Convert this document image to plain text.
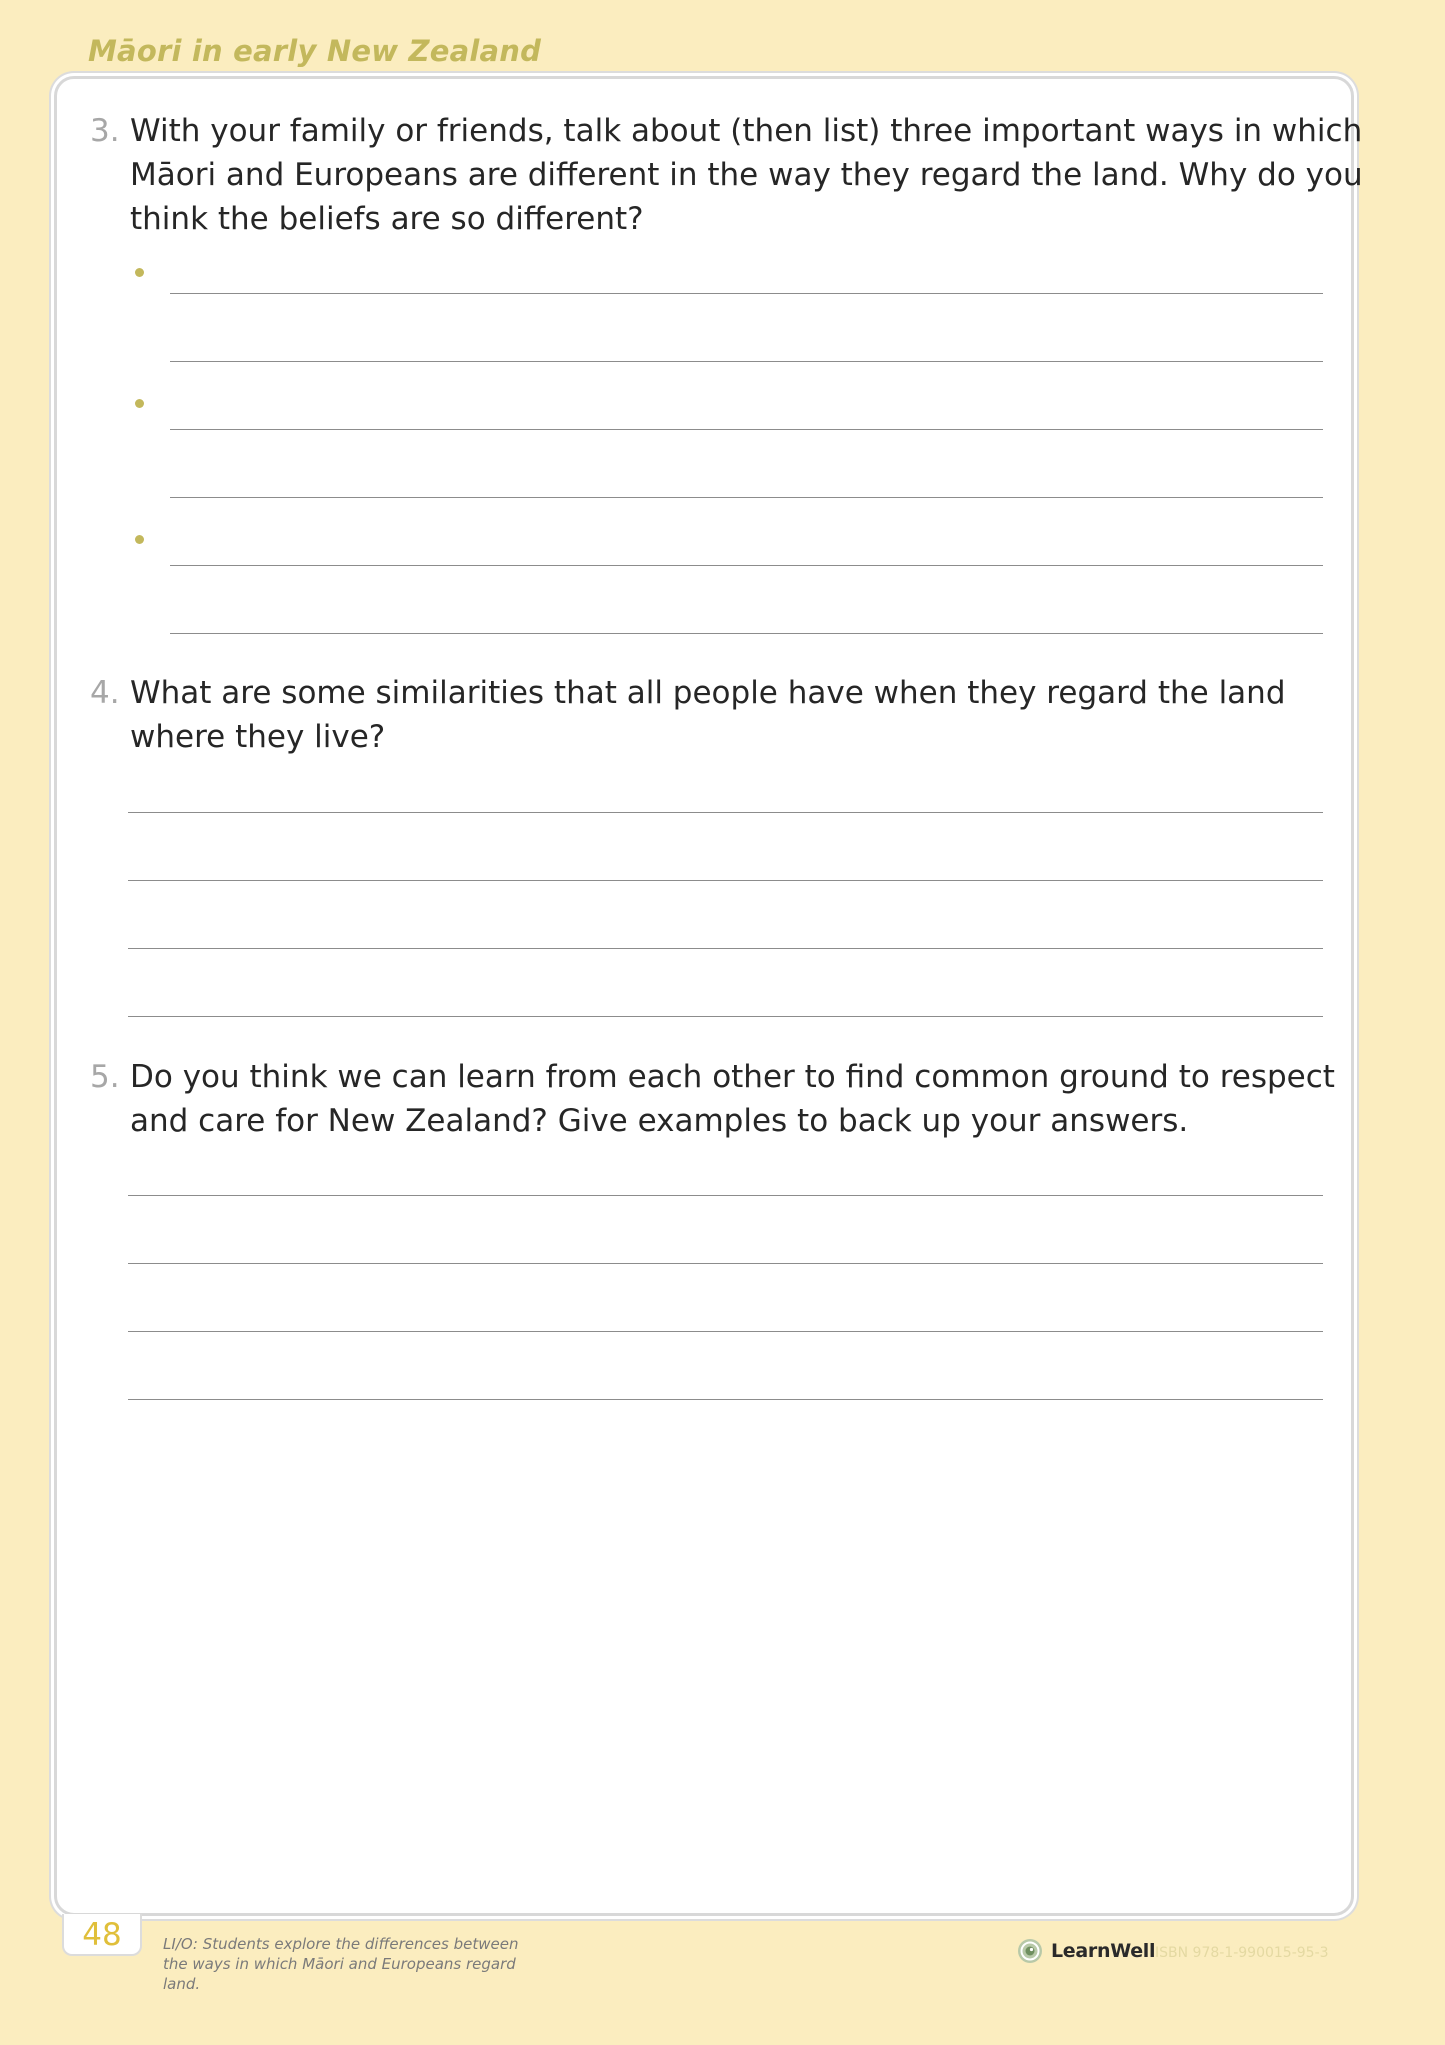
Māori in early New Zealand
3. With your family or friends, talk about (then list) three important ways in which
Māori and Europeans are different in the way they regard the land. Why do you
think the beliefs are so different?

4. What are some similarities that all people have when they regard the land
where they live?

5. Do you think we can learn from each other to find common ground to respect
and care for New Zealand? Give examples to back up your answers.

48	LI/O: Students explore the differences between
the ways in which Māori and Europeans regard
land.
LearnWell ISBN 978-1-990015-95-3
